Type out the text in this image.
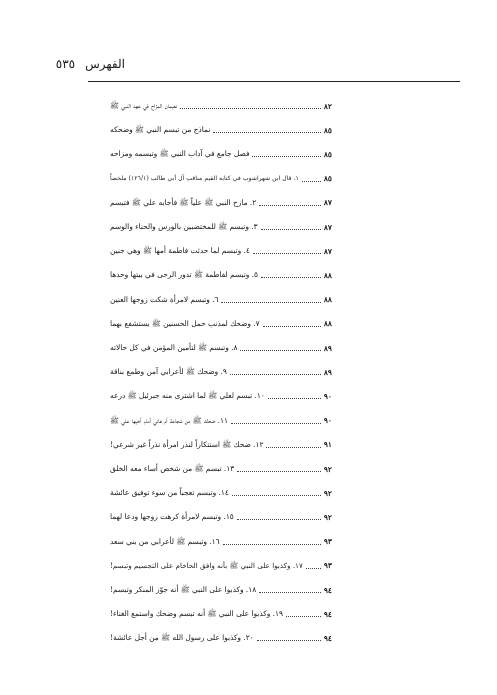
الفهرس
٥٣٥
نعيمان المزّاح في عهد النبي ﷺ	٨٢
نماذج من تبسم النبي ﷺ وضحكه	٨٥
فصل جامع في آداب النبي ﷺ وتبسمه ومزاحه	٨٥
١. قال ابن شهراشوب في كتابه القيم مناقب آل أبي طالب (١٢٦/١) ملخصاً	٨٥
٢. مازح النبي ﷺ علياً ﷺ فأجابه علي ﷺ فتبسم	٨٧
٣. وتبسم ﷺ للمختضبين بالورس والحناء والوسم	٨٧
٤. وتبسم لما حدثت فاطمة أمها ﷺ وهي جنين	٨٧
٥. وتبسم لفاطمة ﷺ تدور الرحى في بيتها وحدها	٨٨
٦. وتبسم لامرأة شكت زوجها العنين	٨٨
٧. وضحك لمذنب حمل الحسنين ﷺ يستشفع بهما	٨٨
٨. وتبسم ﷺ لتأمين المؤمن في كل حالاته	٨٩
٩. وضحك ﷺ لأعرابي آمن وطمع بناقة	٨٩
١٠. تبسم لعلي ﷺ لما اشترى منه جبرئيل ﷺ درعه	٩٠
١١. ضحك ﷺ من شجاعة أم هاني أمام أخيها علي ﷺ	٩٠
١٢. ضحك ﷺ استنكاراً لنذر امرأة نذراً غير شرعي!	٩١
١٣. تبسم ﷺ من شخص أساء معه الخلق	٩٢
١٤. وتبسم تعجباً من سوء توفيق عائشة	٩٢
١٥. وتبسم لامرأة كرهت زوجها ودعا لهما	٩٢
١٦. وتبسم ﷺ لأعرابي من بني سعد	٩٣
١٧. وكذبوا على النبي ﷺ بأنه وافق الحاخام على التجسيم وتبسم!	٩٣
١٨. وكذبوا على النبي ﷺ أنه جوّز المنكر وتبسم!	٩٤
١٩. وكذبوا على النبي ﷺ أنه تبسم وضحك واستمع الغناء!	٩٤
٢٠. وكذبوا على رسول الله ﷺ من أجل عائشة!	٩٤
